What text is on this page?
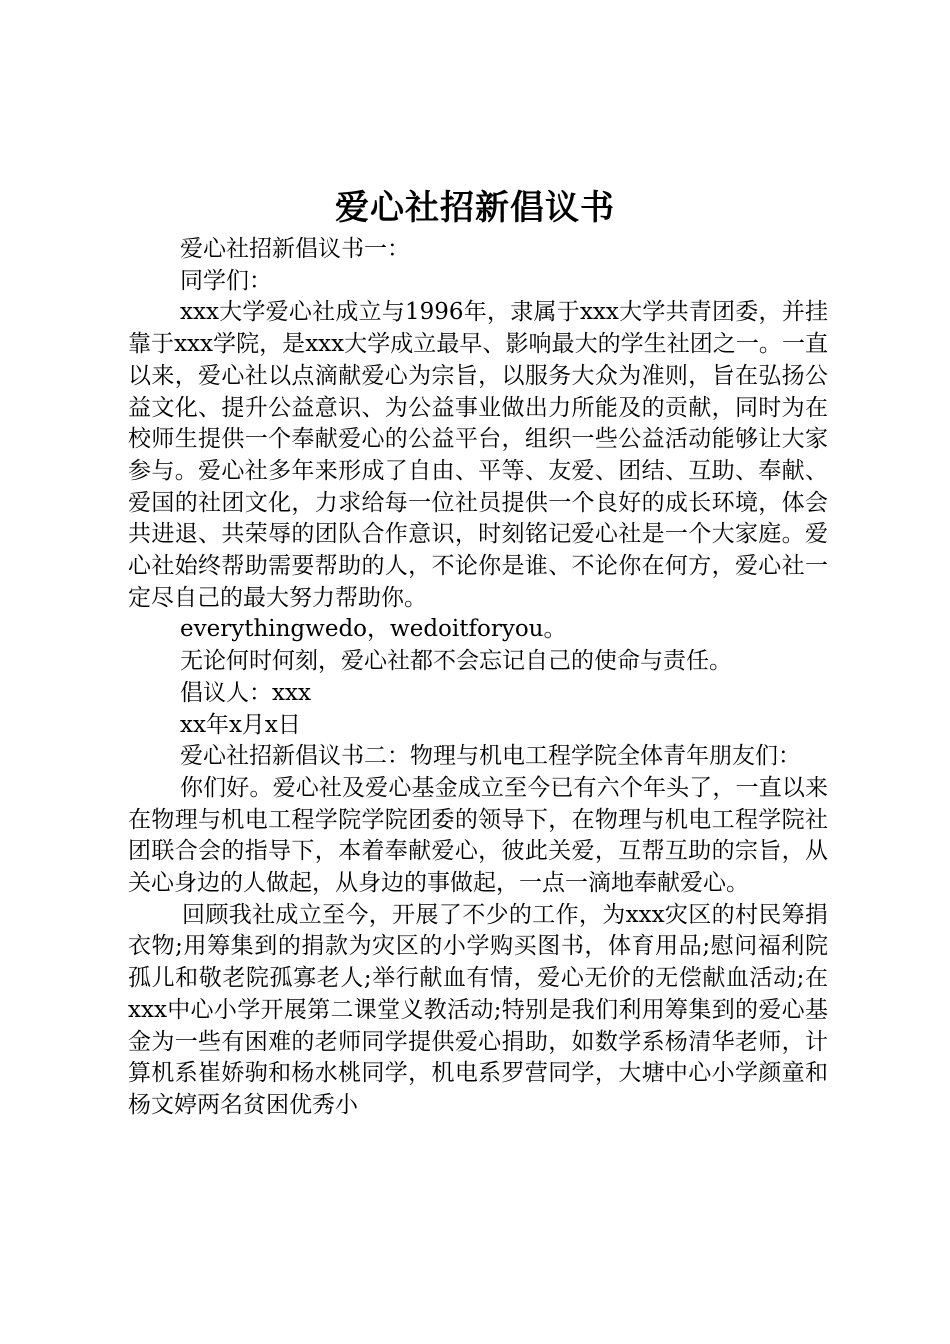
爱心社招新倡议书

爱心社招新倡议书一：

同学们：

xxx大学爱心社成立与1996年，隶属于xxx大学共青团委，并挂靠于xxx学院，是xxx大学成立最早、影响最大的学生社团之一。一直以来，爱心社以点滴献爱心为宗旨，以服务大众为准则，旨在弘扬公益文化、提升公益意识、为公益事业做出力所能及的贡献，同时为在校师生提供一个奉献爱心的公益平台，组织一些公益活动能够让大家参与。爱心社多年来形成了自由、平等、友爱、团结、互助、奉献、爱国的社团文化，力求给每一位社员提供一个良好的成长环境，体会共进退、共荣辱的团队合作意识，时刻铭记爱心社是一个大家庭。爱心社始终帮助需要帮助的人，不论你是谁、不论你在何方，爱心社一定尽自己的最大努力帮助你。

everythingwedo，wedoitforyou。

无论何时何刻，爱心社都不会忘记自己的使命与责任。

倡议人：xxx

xx年x月x日

爱心社招新倡议书二：物理与机电工程学院全体青年朋友们：

你们好。爱心社及爱心基金成立至今已有六个年头了，一直以来在物理与机电工程学院学院团委的领导下，在物理与机电工程学院社团联合会的指导下，本着奉献爱心，彼此关爱，互帮互助的宗旨，从关心身边的人做起，从身边的事做起，一点一滴地奉献爱心。

回顾我社成立至今，开展了不少的工作，为xxx灾区的村民筹捐衣物;用筹集到的捐款为灾区的小学购买图书，体育用品;慰问福利院孤儿和敬老院孤寡老人;举行献血有情，爱心无价的无偿献血活动;在xxx中心小学开展第二课堂义教活动;特别是我们利用筹集到的爱心基金为一些有困难的老师同学提供爱心捐助，如数学系杨清华老师，计算机系崔娇驹和杨水桃同学，机电系罗营同学，大塘中心小学颜童和杨文婷两名贫困优秀小
